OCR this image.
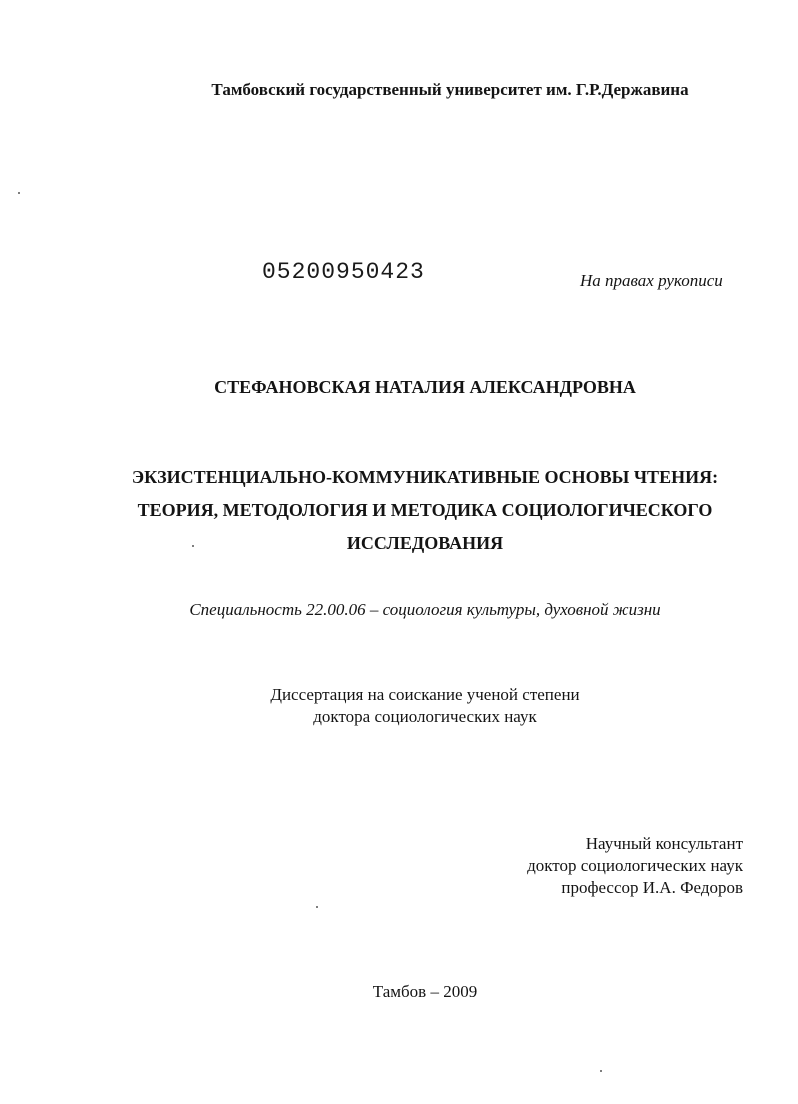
Тамбовский государственный университет им. Г.Р.Державина
05200950423	На правах рукописи
СТЕФАНОВСКАЯ НАТАЛИЯ АЛЕКСАНДРОВНА
ЭКЗИСТЕНЦИАЛЬНО-КОММУНИКАТИВНЫЕ ОСНОВЫ ЧТЕНИЯ:
ТЕОРИЯ, МЕТОДОЛОГИЯ И МЕТОДИКА СОЦИОЛОГИЧЕСКОГО
ИССЛЕДОВАНИЯ
Специальность 22.00.06 – социология культуры, духовной жизни
Диссертация на соискание ученой степени
доктора социологических наук
Научный консультант
доктор социологических наук
профессор И.А. Федоров
Тамбов – 2009
